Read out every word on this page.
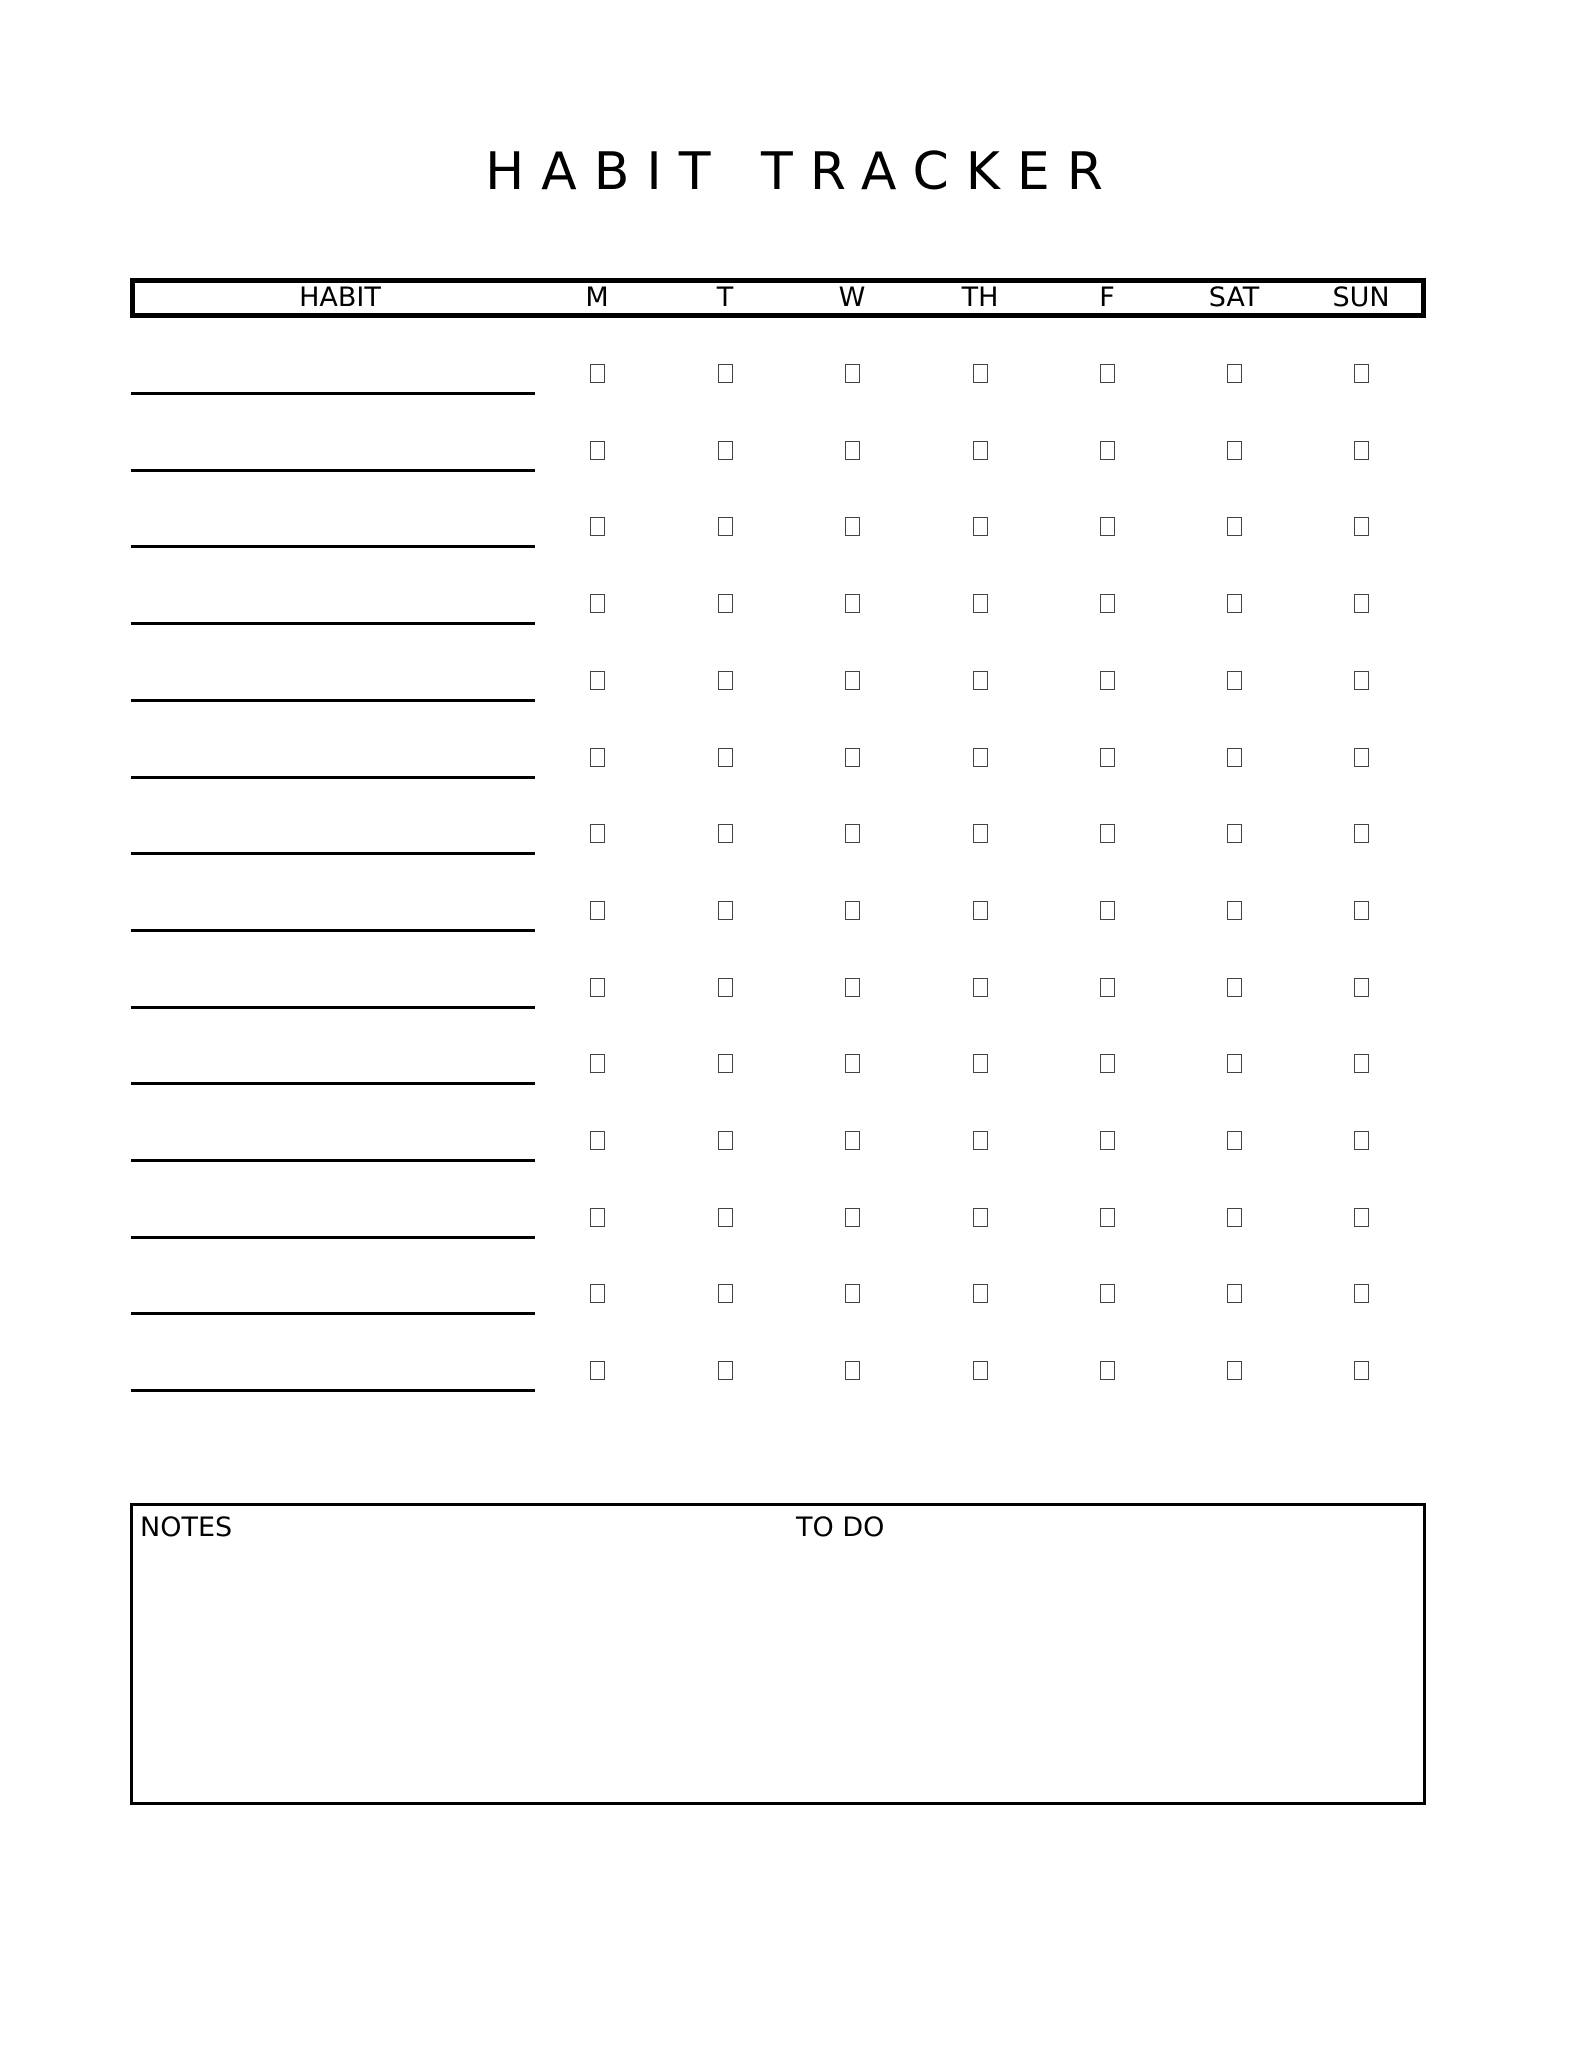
HABIT TRACKER
HABIT	M	T	W	TH	F	SAT	SUN
NOTES	TO DO
